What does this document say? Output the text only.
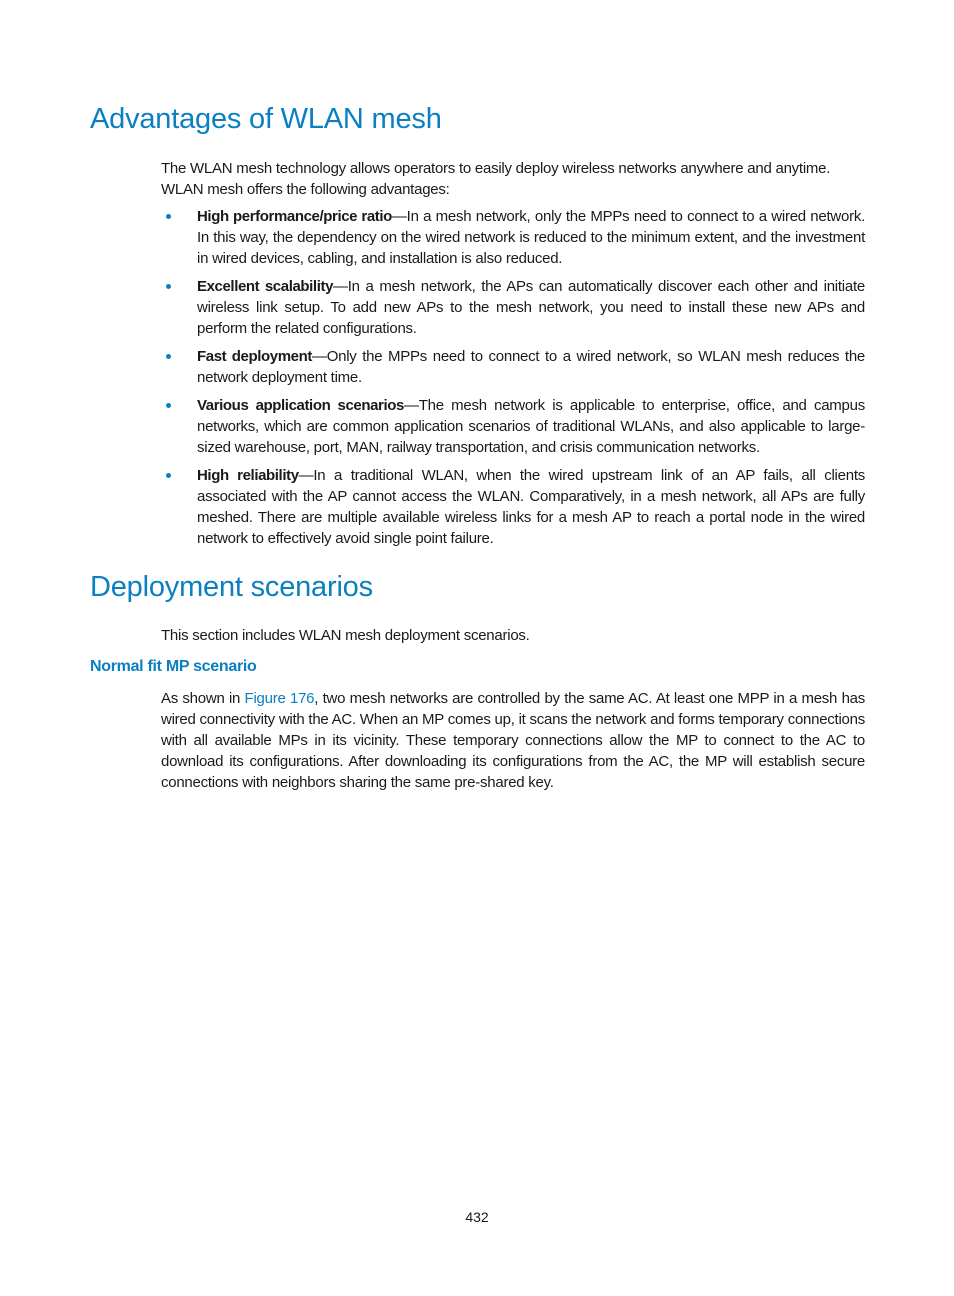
Advantages of WLAN mesh

The WLAN mesh technology allows operators to easily deploy wireless networks anywhere and anytime. WLAN mesh offers the following advantages:

High performance/price ratio—In a mesh network, only the MPPs need to connect to a wired network. In this way, the dependency on the wired network is reduced to the minimum extent, and the investment in wired devices, cabling, and installation is also reduced.
Excellent scalability—In a mesh network, the APs can automatically discover each other and initiate wireless link setup. To add new APs to the mesh network, you need to install these new APs and perform the related configurations.
Fast deployment—Only the MPPs need to connect to a wired network, so WLAN mesh reduces the network deployment time.
Various application scenarios—The mesh network is applicable to enterprise, office, and campus networks, which are common application scenarios of traditional WLANs, and also applicable to large-sized warehouse, port, MAN, railway transportation, and crisis communication networks.
High reliability—In a traditional WLAN, when the wired upstream link of an AP fails, all clients associated with the AP cannot access the WLAN. Comparatively, in a mesh network, all APs are fully meshed. There are multiple available wireless links for a mesh AP to reach a portal node in the wired network to effectively avoid single point failure.
Deployment scenarios

This section includes WLAN mesh deployment scenarios.

Normal fit MP scenario

As shown in Figure 176, two mesh networks are controlled by the same AC. At least one MPP in a mesh has wired connectivity with the AC. When an MP comes up, it scans the network and forms temporary connections with all available MPs in its vicinity. These temporary connections allow the MP to connect to the AC to download its configurations. After downloading its configurations from the AC, the MP will establish secure connections with neighbors sharing the same pre-shared key.

432
